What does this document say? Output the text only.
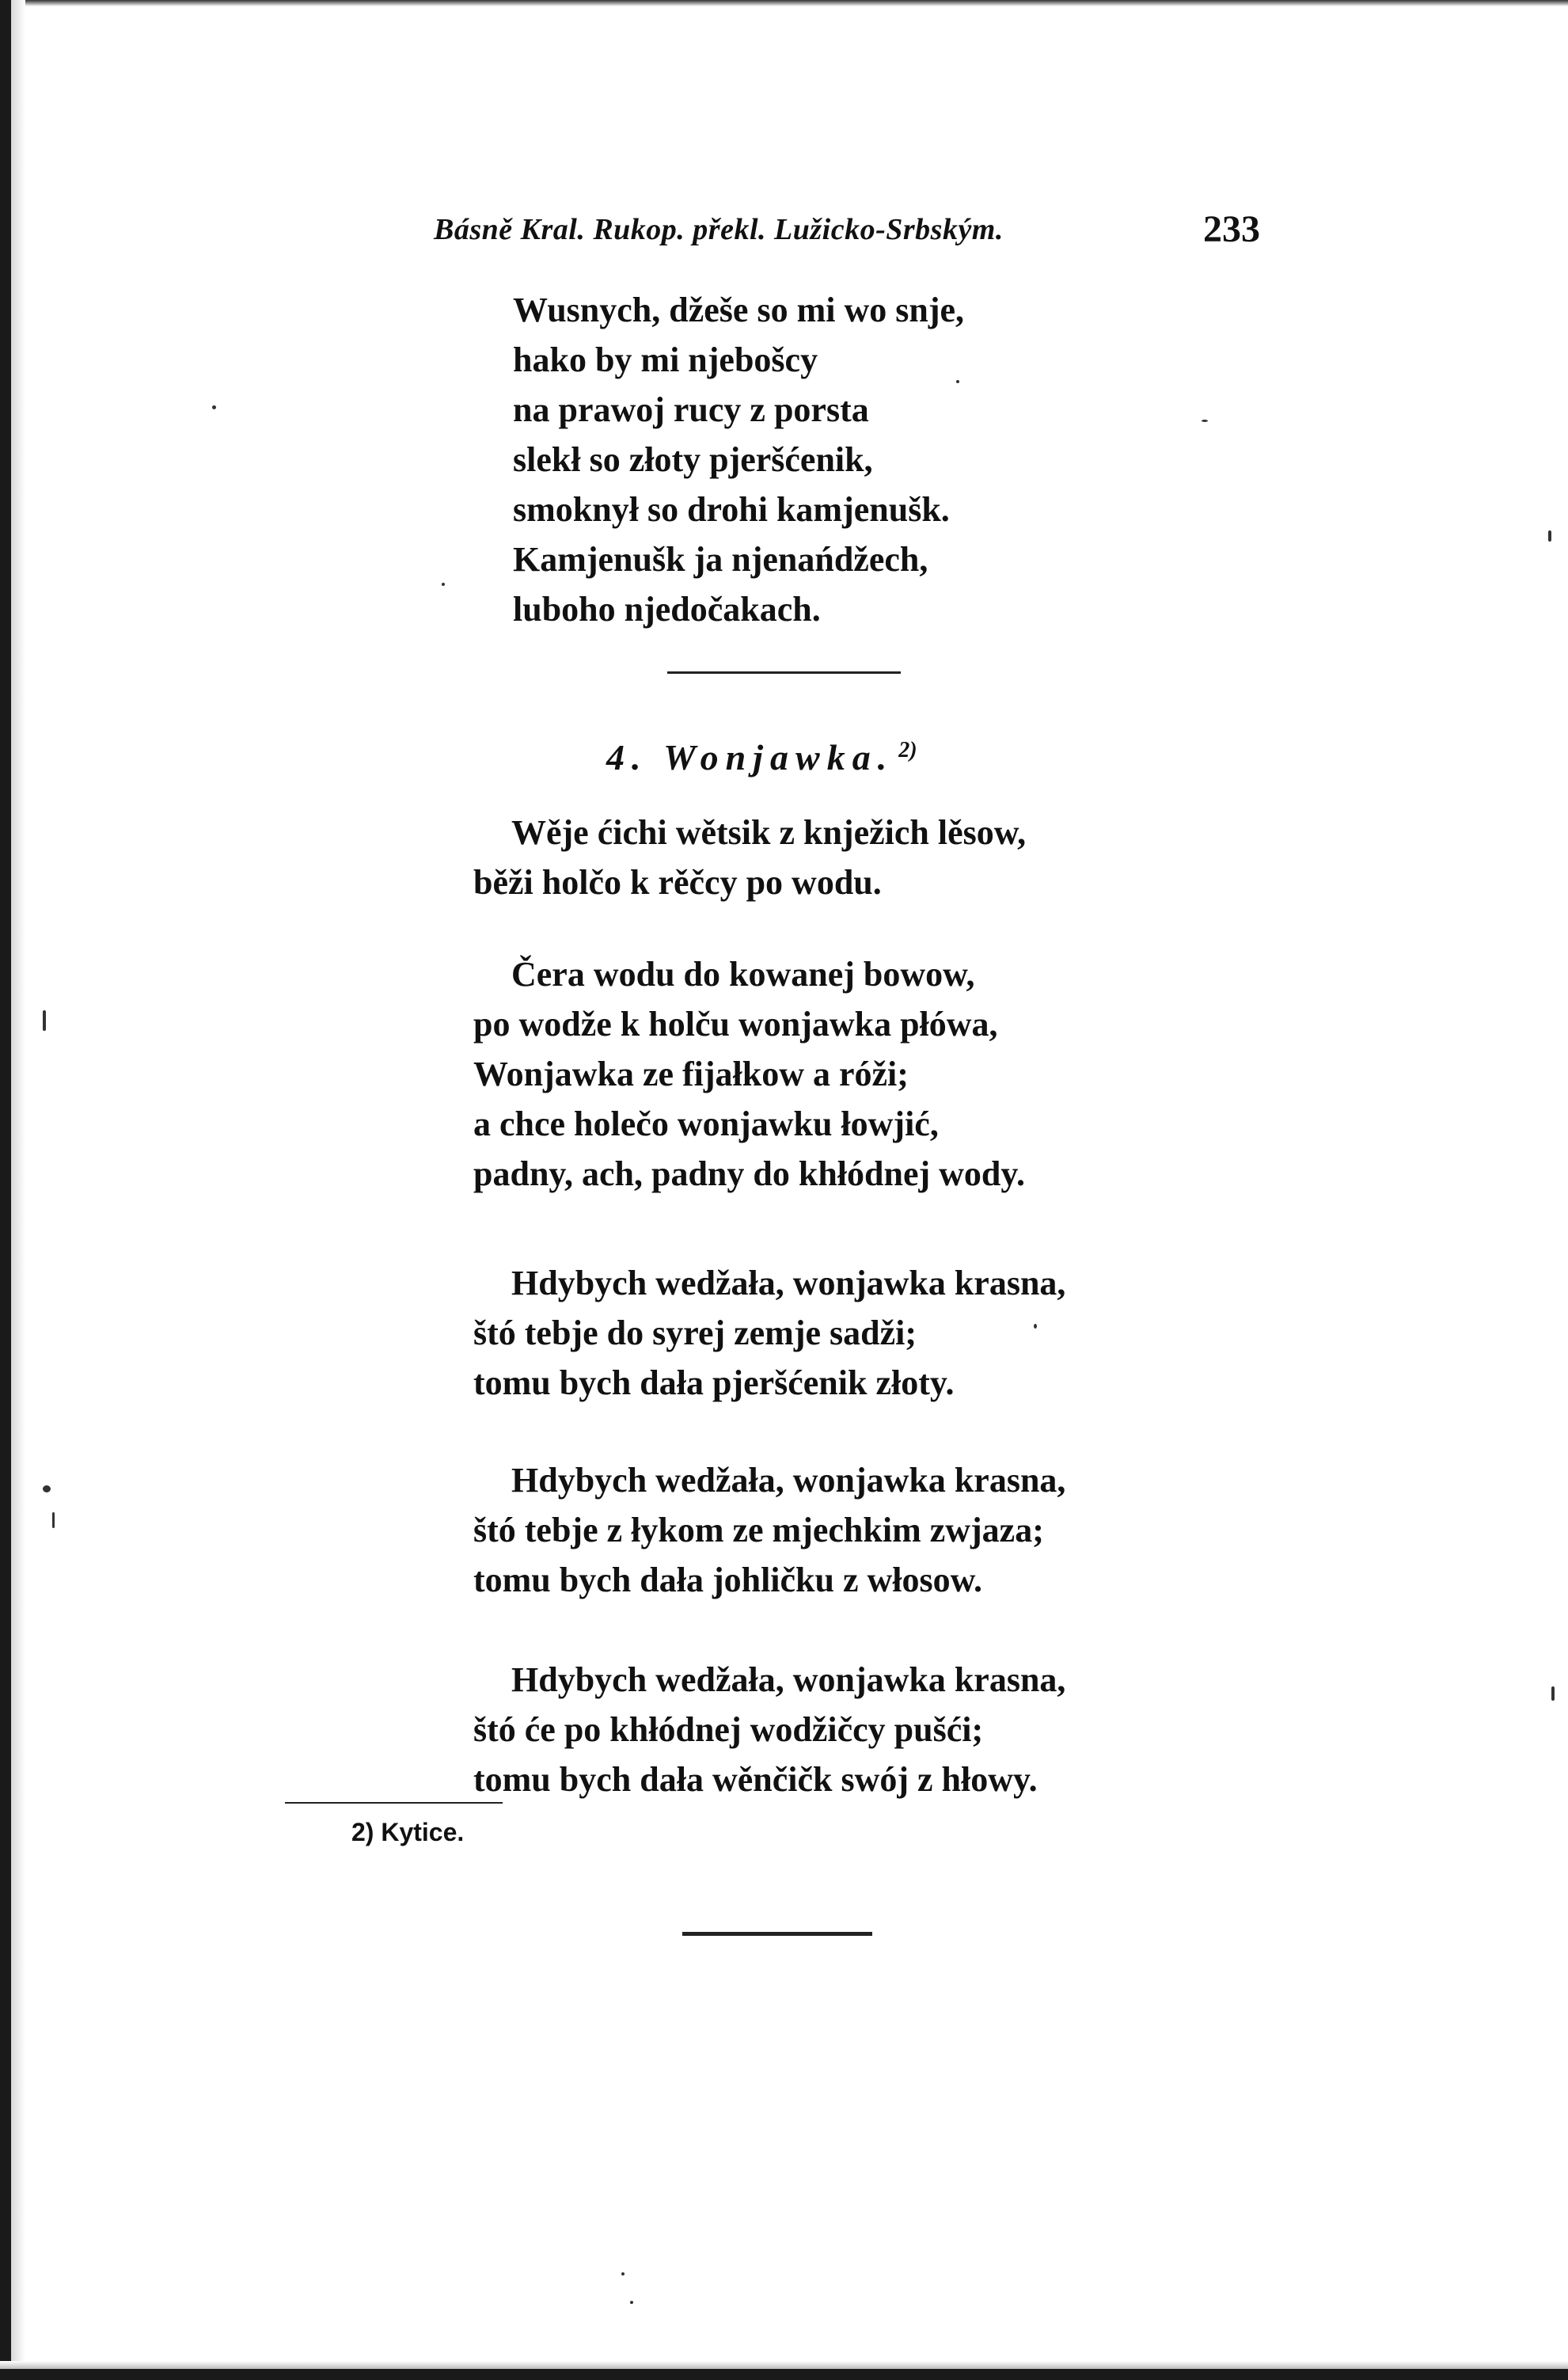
Básně Kral. Rukop. překl. Lužicko-Srbským.	233
Wusnych, džeše so mi wo snje,
hako by mi njebošcy
na prawoj rucy z porsta
slekł so złoty pjeršćenik,
smoknył so drohi kamjenušk.
Kamjenušk ja njenańdžech,
luboho njedočakach.
4. Wonjawka. $^{2)}$
Wěje ćichi wětsik z knježich lěsow,
běži holčo k rěčcy po wodu.
Čera wodu do kowanej bowow,
po wodže k holču wonjawka płówa,
Wonjawka ze fijałkow a róži;
a chce holečo wonjawku łowjić,
padny, ach, padny do khłódnej wody.
Hdybych wedžała, wonjawka krasna,
štó tebje do syrej zemje sadži;
tomu bych dała pjeršćenik złoty.
Hdybych wedžała, wonjawka krasna,
štó tebje z łykom ze mjechkim zwjaza;
tomu bych dała johličku z włosow.
Hdybych wedžała, wonjawka krasna,
štó će po khłódnej wodžičcy pušći;
tomu bych dała wěnčičk swój z hłowy.
2) Kytice.
